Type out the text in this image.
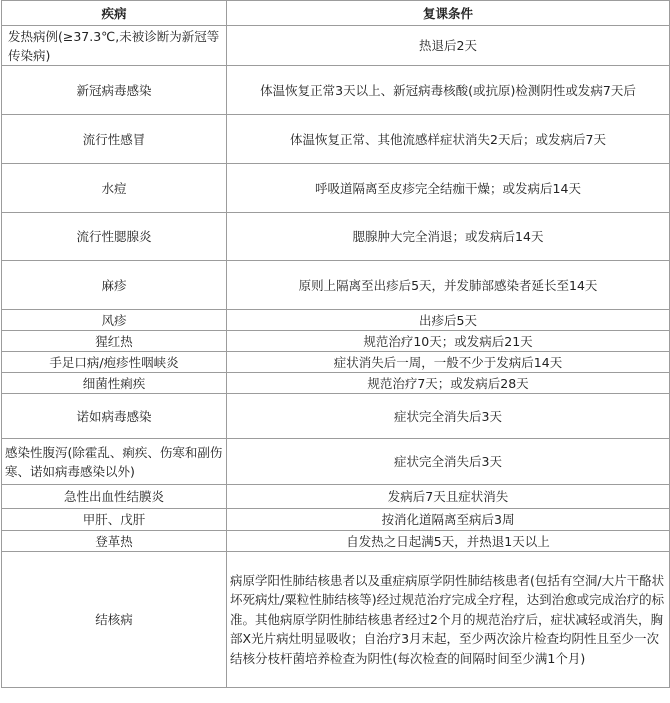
疾病	复课条件
发热病例(≥37.3℃,未被诊断为新冠等传染病)	热退后2天
新冠病毒感染	体温恢复正常3天以上、新冠病毒核酸(或抗原)检测阴性或发病7天后
流行性感冒	体温恢复正常、其他流感样症状消失2天后；或发病后7天
水痘	呼吸道隔离至皮疹完全结痂干燥；或发病后14天
流行性腮腺炎	腮腺肿大完全消退；或发病后14天
麻疹	原则上隔离至出疹后5天，并发肺部感染者延长至14天
风疹	出疹后5天
猩红热	规范治疗10天；或发病后21天
手足口病/疱疹性咽峡炎	症状消失后一周，一般不少于发病后14天
细菌性痢疾	规范治疗7天；或发病后28天
诺如病毒感染	症状完全消失后3天
感染性腹泻(除霍乱、痢疾、伤寒和副伤寒、诺如病毒感染以外)	症状完全消失后3天
急性出血性结膜炎	发病后7天且症状消失
甲肝、戊肝	按消化道隔离至病后3周
登革热	自发热之日起满5天，并热退1天以上
结核病	病原学阳性肺结核患者以及重症病原学阴性肺结核患者(包括有空洞/大片干酪状坏死病灶/粟粒性肺结核等)经过规范治疗完成全疗程，达到治愈或完成治疗的标准。其他病原学阴性肺结核患者经过2个月的规范治疗后，症状减轻或消失，胸部X光片病灶明显吸收；自治疗3月末起，至少两次涂片检查均阴性且至少一次结核分枝杆菌培养检查为阴性(每次检查的间隔时间至少满1个月)
